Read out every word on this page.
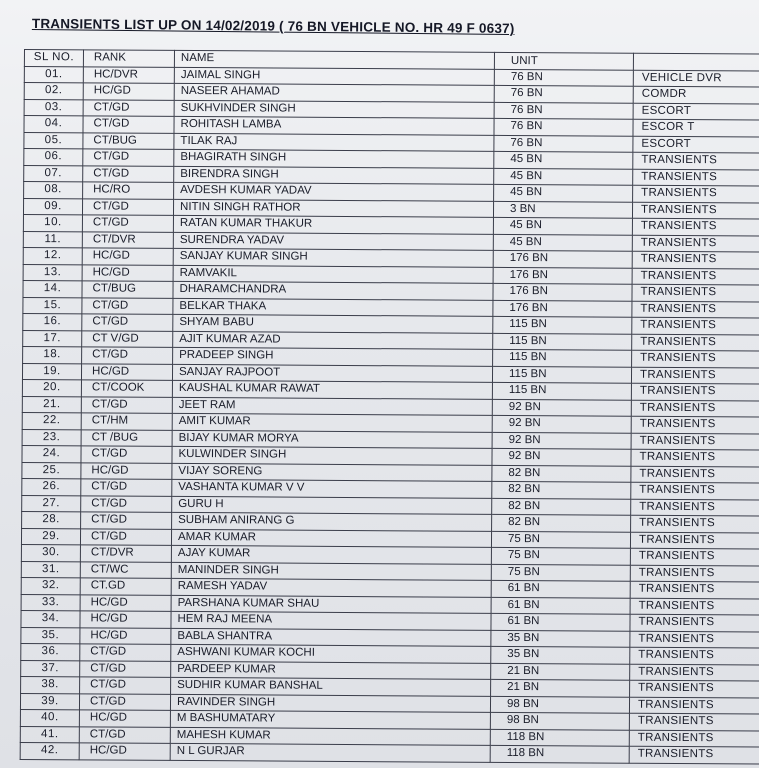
TRANSIENTS LIST UP ON 14/02/2019 ( 76 BN VEHICLE NO. HR 49 F 0637)
SL NO.	RANK	NAME	UNIT	
01.	HC/DVR	JAIMAL SINGH	76 BN	VEHICLE DVR
02.	HC/GD	NASEER AHAMAD	76 BN	COMDR
03.	CT/GD	SUKHVINDER SINGH	76 BN	ESCORT
04.	CT/GD	ROHITASH LAMBA	76 BN	ESCOR T
05.	CT/BUG	TILAK RAJ	76 BN	ESCORT
06.	CT/GD	BHAGIRATH SINGH	45 BN	TRANSIENTS
07.	CT/GD	BIRENDRA SINGH	45 BN	TRANSIENTS
08.	HC/RO	AVDESH KUMAR YADAV	45 BN	TRANSIENTS
09.	CT/GD	NITIN SINGH RATHOR	3 BN	TRANSIENTS
10.	CT/GD	RATAN KUMAR THAKUR	45 BN	TRANSIENTS
11.	CT/DVR	SURENDRA YADAV	45 BN	TRANSIENTS
12.	HC/GD	SANJAY KUMAR SINGH	176 BN	TRANSIENTS
13.	HC/GD	RAMVAKIL	176 BN	TRANSIENTS
14.	CT/BUG	DHARAMCHANDRA	176 BN	TRANSIENTS
15.	CT/GD	BELKAR THAKA	176 BN	TRANSIENTS
16.	CT/GD	SHYAM BABU	115 BN	TRANSIENTS
17.	CT V/GD	AJIT KUMAR AZAD	115 BN	TRANSIENTS
18.	CT/GD	PRADEEP SINGH	115 BN	TRANSIENTS
19.	HC/GD	SANJAY RAJPOOT	115 BN	TRANSIENTS
20.	CT/COOK	KAUSHAL KUMAR RAWAT	115 BN	TRANSIENTS
21.	CT/GD	JEET RAM	92 BN	TRANSIENTS
22.	CT/HM	AMIT KUMAR	92 BN	TRANSIENTS
23.	CT /BUG	BIJAY KUMAR MORYA	92 BN	TRANSIENTS
24.	CT/GD	KULWINDER SINGH	92 BN	TRANSIENTS
25.	HC/GD	VIJAY SORENG	82 BN	TRANSIENTS
26.	CT/GD	VASHANTA KUMAR V V	82 BN	TRANSIENTS
27.	CT/GD	GURU H	82 BN	TRANSIENTS
28.	CT/GD	SUBHAM ANIRANG G	82 BN	TRANSIENTS
29.	CT/GD	AMAR KUMAR	75 BN	TRANSIENTS
30.	CT/DVR	AJAY KUMAR	75 BN	TRANSIENTS
31.	CT/WC	MANINDER SINGH	75 BN	TRANSIENTS
32.	CT.GD	RAMESH YADAV	61 BN	TRANSIENTS
33.	HC/GD	PARSHANA KUMAR SHAU	61 BN	TRANSIENTS
34.	HC/GD	HEM RAJ MEENA	61 BN	TRANSIENTS
35.	HC/GD	BABLA SHANTRA	35 BN	TRANSIENTS
36.	CT/GD	ASHWANI KUMAR KOCHI	35 BN	TRANSIENTS
37.	CT/GD	PARDEEP KUMAR	21 BN	TRANSIENTS
38.	CT/GD	SUDHIR KUMAR BANSHAL	21 BN	TRANSIENTS
39.	CT/GD	RAVINDER SINGH	98 BN	TRANSIENTS
40.	HC/GD	M BASHUMATARY	98 BN	TRANSIENTS
41.	CT/GD	MAHESH KUMAR	118 BN	TRANSIENTS
42.	HC/GD	N L GURJAR	118 BN	TRANSIENTS
